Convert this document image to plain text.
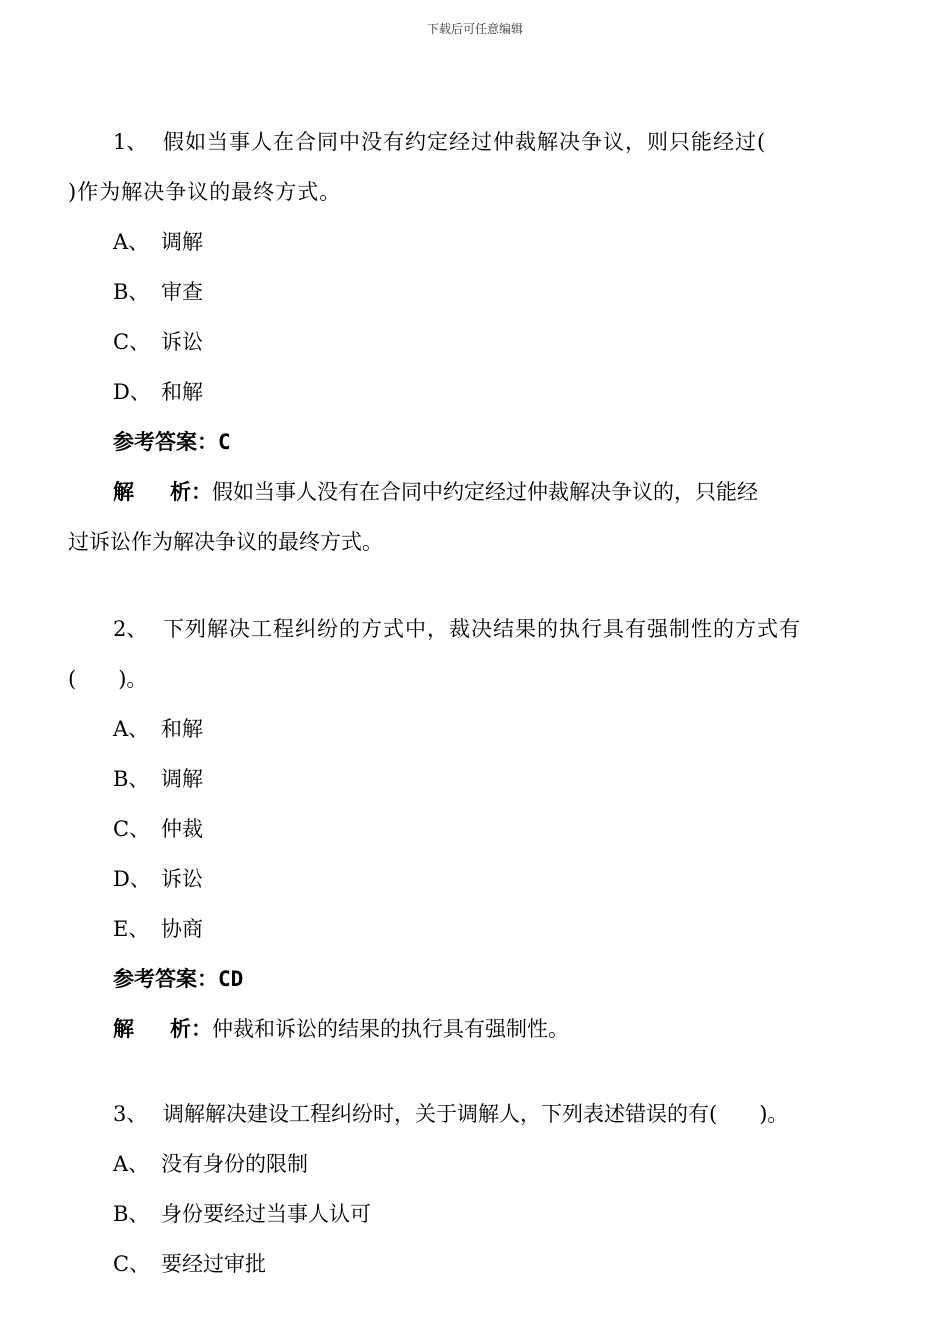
下载后可任意编辑
1、 假如当事人在合同中没有约定经过仲裁解决争议，则只能经过(
)作为解决争议的最终方式。
A、 调解
B、 审查
C、 诉讼
D、 和解
参考答案：C
解 析：假如当事人没有在合同中约定经过仲裁解决争议的，只能经
过诉讼作为解决争议的最终方式。
2、 下列解决工程纠纷的方式中，裁决结果的执行具有强制性的方式有
(　　)。
A、 和解
B、 调解
C、 仲裁
D、 诉讼
E、 协商
参考答案：CD
解 析：仲裁和诉讼的结果的执行具有强制性。
3、 调解解决建设工程纠纷时，关于调解人，下列表述错误的有(　　)。
A、 没有身份的限制
B、 身份要经过当事人认可
C、 要经过审批
